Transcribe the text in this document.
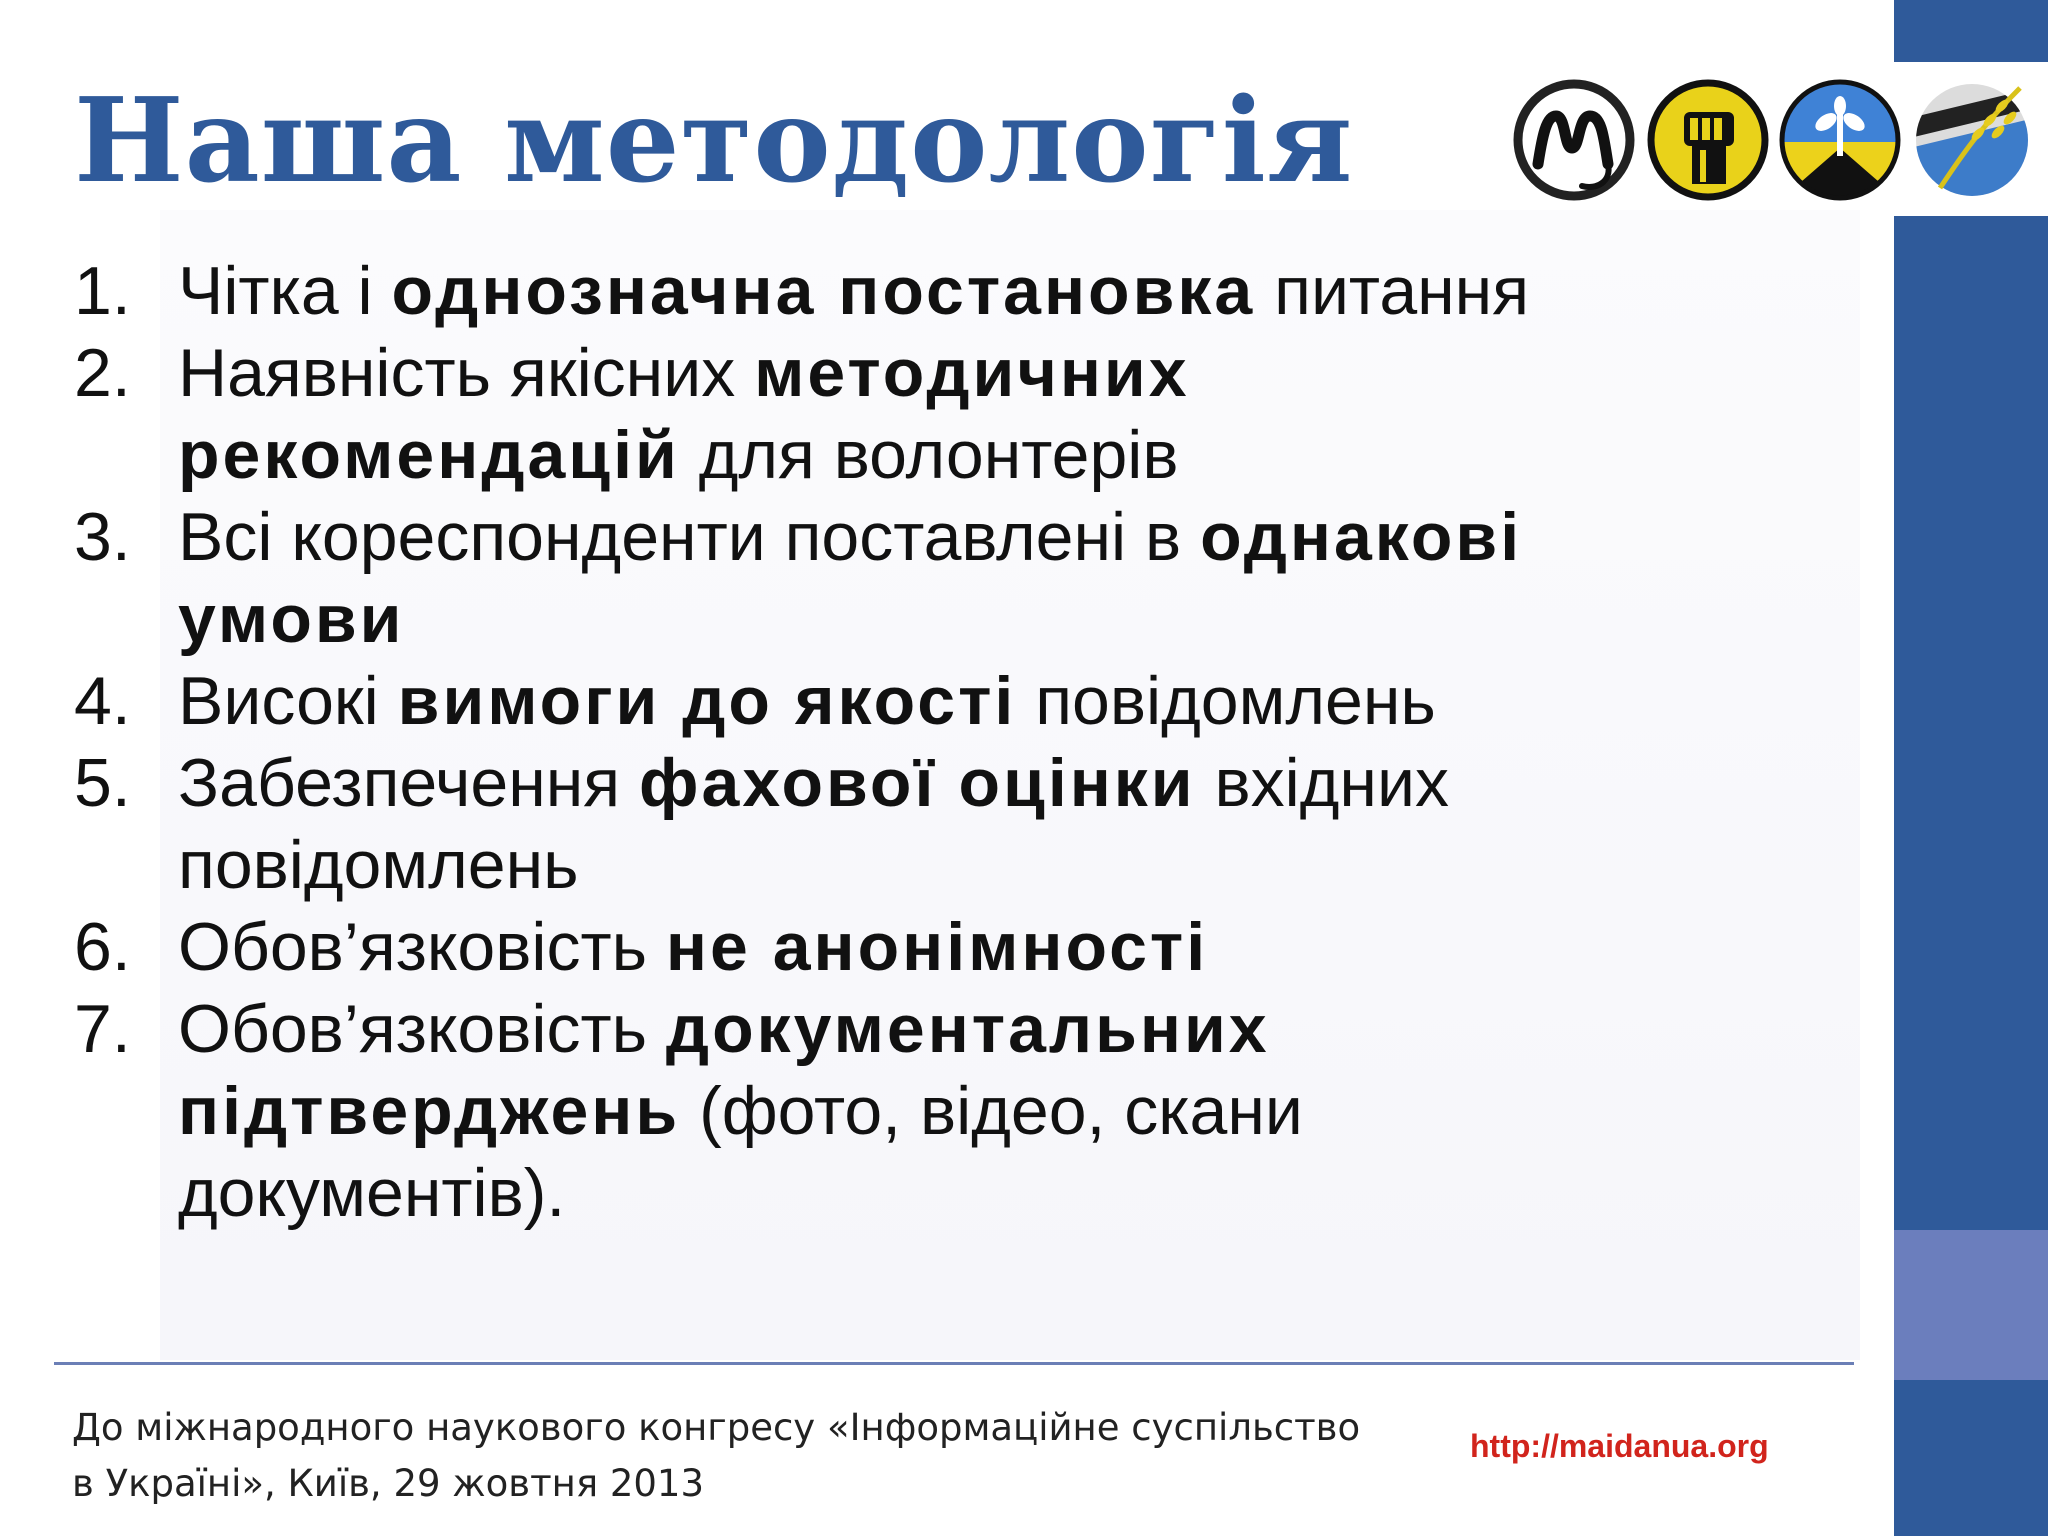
Наша методологія
1. Чітка і однозначна постановка питання
2. Наявність якісних методичних рекомендацій для волонтерів
3. Всі кореспонденти поставлені в однакові умови
4. Високі вимоги до якості повідомлень
5. Забезпечення фахової оцінки вхідних повідомлень
6. Обов’язковість не анонімності
7. Обов’язковість документальних підтверджень (фото, відео, скани документів).
До міжнародного наукового конгресу «Інформаційне суспільство
в Україні», Київ, 29 жовтня 2013
http://maidanua.org
